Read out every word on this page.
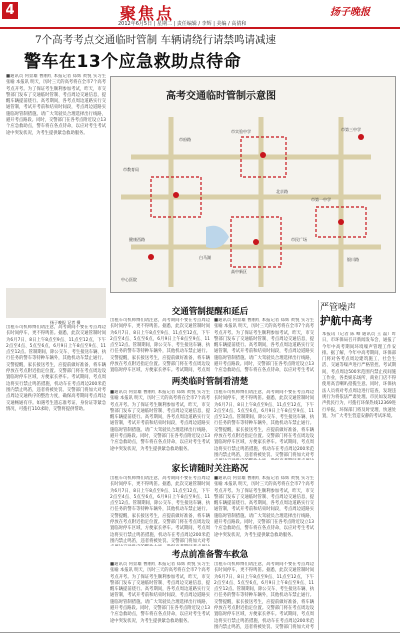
4	聚焦点	扬子晚报
2012年6月5日 | 星期二 | 责任编辑 / 李辉 | 美编 / 高倩和
7个高考考点交通临时管制 车辆请绕行请禁鸣请减速
警车在13个应急救助点待命
■通讯员 何显雄 曹刚红 本报记者 郑辉 黄悦 实习生 张喻 本报讯 明天，历时三天的高考将在全市7个高考考点开考。为了保证考生顺利参加考试，昨天，市交警部门发布了交通临时管制、考点周边交通信息，提醒车辆提前绕行。高考期间，各考点周边道路实行交通管制，考试开考前和结束时间段，考点周边道路实施临时管制措施。请广大驾驶员合理选择出行线路，避开考点路段。同时，交警部门在各考点附近设立13个应急救助点，警车将在各点待命，以应对考生考试途中突发状况，为考生提供紧急救助服务。
高考交通临时管制示意图
市教育局
市实验中学
白马湖
市第一中学
高中新区
市第三中学
北京路
健康西路
市府路
银川路
中心医院
市民广场
扬子晚报 记者 摄
交通管制提醒和延后
两类临时管制看清楚
家长请随时关注路况
考点前准备警车救急
出租车司机师傅们请注意，高考期间不要在考点周边长时间停车，更不得鸣笛。据悉，此次交通管制时间为6月7日、8日上午8点至9点、11点至12点，下午2点至4点、5点至6点，6月9日上午8点至9点、11点至12点。管制期间，除公交车、考生接送车辆、执行任务的警车等特种车辆外，其他机动车禁止通行。交警提醒，家长接送考生，应提前做好准备，将车辆停放在考点附近指定位置。交警部门将在考点周边设置临时停车区域，方便家长停车。考试期间，考点周边将实行禁止鸣笛措施，机动车在考点周边200米范围内禁止鸣笛，违者将被处罚。交警部门将加大对考点周边交通秩序的整治力度，确保高考期间考点周边交通畅通有序。如遇考生遗忘准考证、身份证等紧急情况，可拨打110求助，交警将提供帮助。
出租车司机师傅们请注意，高考期间不要在考点周边长时间停车，更不得鸣笛。据悉，此次交通管制时间为6月7日、8日上午8点至9点、11点至12点，下午2点至4点、5点至6点，6月9日上午8点至9点、11点至12点。管制期间，除公交车、考生接送车辆、执行任务的警车等特种车辆外，其他机动车禁止通行。交警提醒，家长接送考生，应提前做好准备，将车辆停放在考点附近指定位置。交警部门将在考点周边设置临时停车区域，方便家长停车。考试期间，考点周
■通讯员 何显雄 曹刚红 本报记者 郑辉 黄悦 实习生 张喻 本报讯 明天，历时三天的高考将在全市7个高考考点开考。为了保证考生顺利参加考试，昨天，市交警部门发布了交通临时管制、考点周边交通信息，提醒车辆提前绕行。高考期间，各考点周边道路实行交通管制，考试开考前和结束时间段，考点周边道路实施临时管制措施。请广大驾驶员合理选择出行线路，避开考点路段。同时，交警部门在各考点附近设立13个应急救助点，警车将在各点待命，以应对考生考试
■通讯员 何显雄 曹刚红 本报记者 郑辉 黄悦 实习生 张喻 本报讯 明天，历时三天的高考将在全市7个高考考点开考。为了保证考生顺利参加考试，昨天，市交警部门发布了交通临时管制、考点周边交通信息，提醒车辆提前绕行。高考期间，各考点周边道路实行交通管制，考试开考前和结束时间段，考点周边道路实施临时管制措施。请广大驾驶员合理选择出行线路，避开考点路段。同时，交警部门在各考点附近设立13个应急救助点，警车将在各点待命，以应对考生考试途中突发状况，为考生提供紧急救助服务。
出租车司机师傅们请注意，高考期间不要在考点周边长时间停车，更不得鸣笛。据悉，此次交通管制时间为6月7日、8日上午8点至9点、11点至12点，下午2点至4点、5点至6点，6月9日上午8点至9点、11点至12点。管制期间，除公交车、考生接送车辆、执行任务的警车等特种车辆外，其他机动车禁止通行。交警提醒，家长接送考生，应提前做好准备，将车辆停放在考点附近指定位置。交警部门将在考点周边设置临时停车区域，方便家长停车。考试期间，考点周边将实行禁止鸣笛措施，机动车在考点周边200米范围内禁止鸣笛，违者将被处罚。交警部门将加大对考
出租车司机师傅们请注意，高考期间不要在考点周边长时间停车，更不得鸣笛。据悉，此次交通管制时间为6月7日、8日上午8点至9点、11点至12点，下午2点至4点、5点至6点，6月9日上午8点至9点、11点至12点。管制期间，除公交车、考生接送车辆、执行任务的警车等特种车辆外，其他机动车禁止通行。交警提醒，家长接送考生，应提前做好准备，将车辆停放在考点附近指定位置。交警部门将在考点周边设置临时停车区域，方便家长停车。考试期间，考点周边将实行禁止鸣笛措施，机动车在考点周边200米范围内禁止鸣笛，违者将被处罚。交警部门将加大对考
■通讯员 何显雄 曹刚红 本报记者 郑辉 黄悦 实习生 张喻 本报讯 明天，历时三天的高考将在全市7个高考考点开考。为了保证考生顺利参加考试，昨天，市交警部门发布了交通临时管制、考点周边交通信息，提醒车辆提前绕行。高考期间，各考点周边道路实行交通管制，考试开考前和结束时间段，考点周边道路实施临时管制措施。请广大驾驶员合理选择出行线路，避开考点路段。同时，交警部门在各考点附近设立13个应急救助点，警车将在各点待命，以应对考生考试途中突发状况，为考生提供紧急救助服务。
■通讯员 何显雄 曹刚红 本报记者 郑辉 黄悦 实习生 张喻 本报讯 明天，历时三天的高考将在全市7个高考考点开考。为了保证考生顺利参加考试，昨天，市交警部门发布了交通临时管制、考点周边交通信息，提醒车辆提前绕行。高考期间，各考点周边道路实行交通管制，考试开考前和结束时间段，考点周边道路实施临时管制措施。请广大驾驶员合理选择出行线路，避开考点路段。同时，交警部门在各考点附近设立13个应急救助点，警车将在各点待命，以应对考生考试途中突发状况，为考生提供紧急救助服务。
出租车司机师傅们请注意，高考期间不要在考点周边长时间停车，更不得鸣笛。据悉，此次交通管制时间为6月7日、8日上午8点至9点、11点至12点，下午2点至4点、5点至6点，6月9日上午8点至9点、11点至12点。管制期间，除公交车、考生接送车辆、执行任务的警车等特种车辆外，其他机动车禁止通行。交警提醒，家长接送考生，应提前做好准备，将车辆停放在考点附近指定位置。交警部门将在考点周边设置临时停车区域，方便家长停车。考试期间，考点周边将实行禁止鸣笛措施，机动车在考点周边200米范围内禁止鸣笛，违者将被处罚。交警部门将加大对考
严管噪声
护航中高考
本报讯（记者 陈 峰 通讯员 王 磊）昨日，市环保局召开新闻发布会，通报了今年中高考期间环境噪声管理工作安排。据了解，今年中高考期间，环保部门将对各考点周边建筑施工、社会生活、交通等噪声进行严格管控。考试期间，考点周边500米范围内禁止夜间施工作业，各类娱乐场所、商业门店不得使用高音喇叭招揽生意。同时，环保执法人员将对考点周边进行巡查，发现违规行为将依法严肃处理。市民如发现噪声扰民行为，可拨打环保热线12369进行举报，环保部门将及时受理、快速处置，为广大考生营造安静的考试环境。
